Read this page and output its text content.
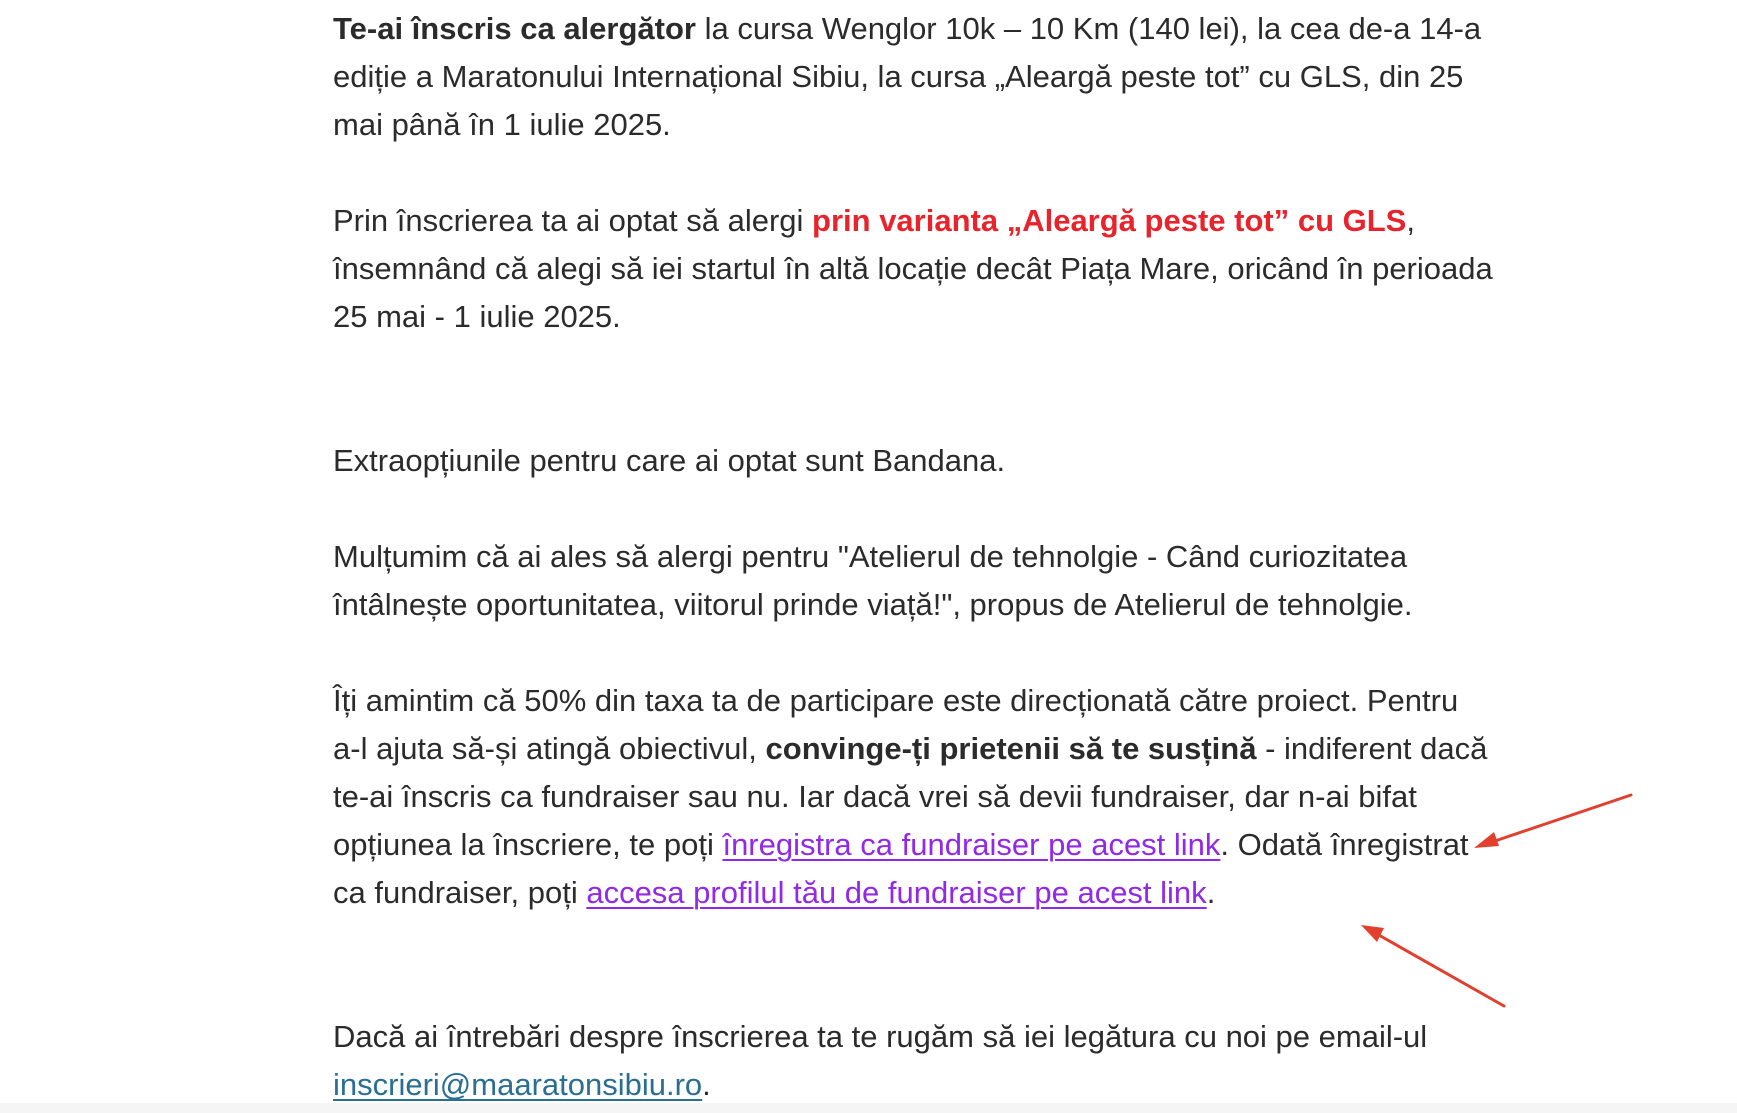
Te-ai înscris ca alergător la cursa Wenglor 10k – 10 Km (140 lei), la cea de-a 14-a ediție a Maratonului Internațional Sibiu, la cursa „Aleargă peste tot” cu GLS, din 25 mai până în 1 iulie 2025.

Prin înscrierea ta ai optat să alergi prin varianta „Aleargă peste tot” cu GLS, însemnând că alegi să iei startul în altă locație decât Piața Mare, oricând în perioada 25 mai - 1 iulie 2025.

Extraopțiunile pentru care ai optat sunt Bandana.

Mulțumim că ai ales să alergi pentru "Atelierul de tehnolgie - Când curiozitatea întâlnește oportunitatea, viitorul prinde viață!", propus de Atelierul de tehnolgie.

Îți amintim că 50% din taxa ta de participare este direcționată către proiect. Pentru a-l ajuta să-și atingă obiectivul, convinge-ți prietenii să te susțină - indiferent dacă te-ai înscris ca fundraiser sau nu. Iar dacă vrei să devii fundraiser, dar n-ai bifat opțiunea la înscriere, te poți înregistra ca fundraiser pe acest link. Odată înregistrat ca fundraiser, poți accesa profilul tău de fundraiser pe acest link.

Dacă ai întrebări despre înscrierea ta te rugăm să iei legătura cu noi pe email-ul inscrieri@maaratonsibiu.ro.
